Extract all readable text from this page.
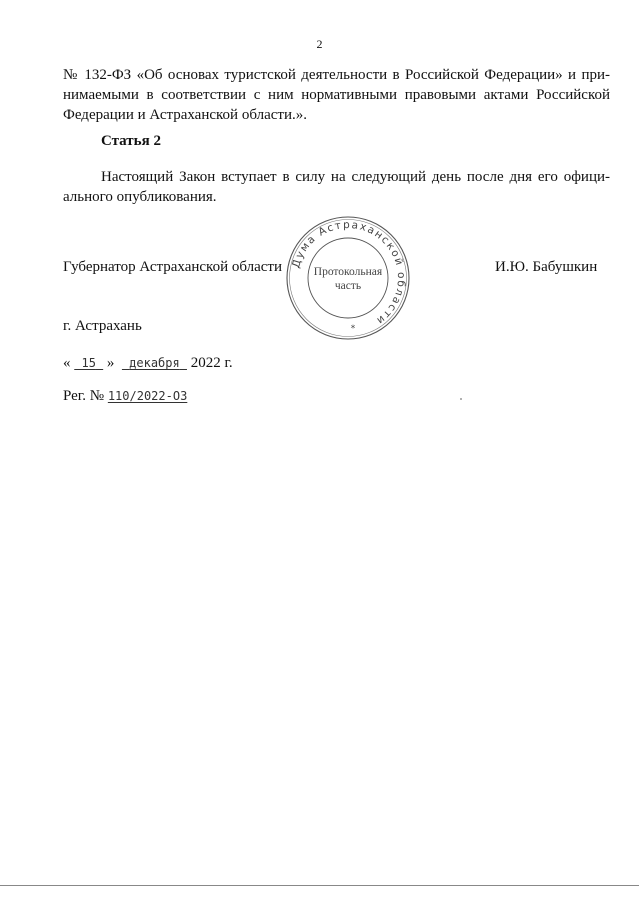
2

№ 132-ФЗ «Об основах туристской деятельности в Российской Федерации» и при-
нимаемыми в соответствии с ним нормативными правовыми актами Российской
Федерации и Астраханской области.».

Статья 2

Настоящий Закон вступает в силу на следующий день после дня его офици-
ального опубликования.

Губернатор Астраханской области Дума Астраханской области
Протокольная
часть
*
И.Ю. Бабушкин
г. Астрахань
« 15 » декабря 2022 г.
Рег. № 110/2022-ОЗ
